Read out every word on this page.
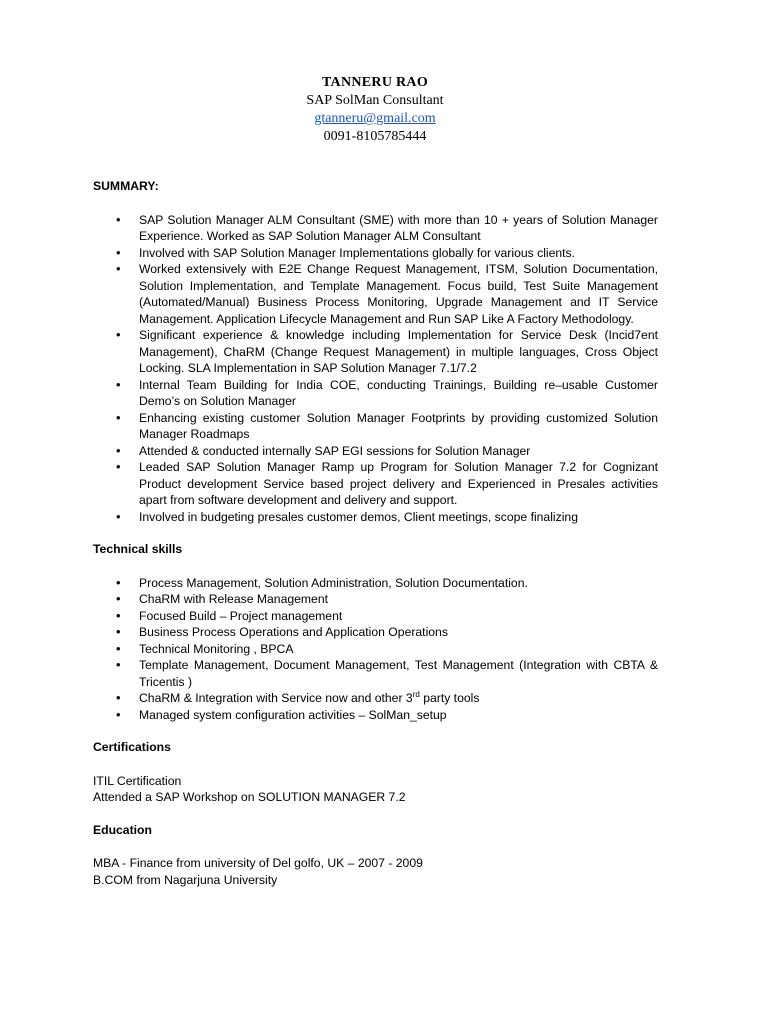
TANNERU RAO
SAP SolMan Consultant
gtanneru@gmail.com
0091-8105785444
SUMMARY:
• SAP Solution Manager ALM Consultant (SME) with more than 10 + years of Solution Manager Experience. Worked as SAP Solution Manager ALM Consultant
• Involved with SAP Solution Manager Implementations globally for various clients.
• Worked extensively with E2E Change Request Management, ITSM, Solution Documentation, Solution Implementation, and Template Management. Focus build, Test Suite Management (Automated/Manual) Business Process Monitoring, Upgrade Management and IT Service Management. Application Lifecycle Management and Run SAP Like A Factory Methodology.
• Significant experience & knowledge including Implementation for Service Desk (Incid7ent Management), ChaRM (Change Request Management) in multiple languages, Cross Object Locking. SLA Implementation in SAP Solution Manager 7.1/7.2
• Internal Team Building for India COE, conducting Trainings, Building re–usable Customer Demo’s on Solution Manager
• Enhancing existing customer Solution Manager Footprints by providing customized Solution Manager Roadmaps
• Attended & conducted internally SAP EGI sessions for Solution Manager
• Leaded SAP Solution Manager Ramp up Program for Solution Manager 7.2 for Cognizant Product development Service based project delivery and Experienced in Presales activities apart from software development and delivery and support.
• Involved in budgeting presales customer demos, Client meetings, scope finalizing
Technical skills
• Process Management, Solution Administration, Solution Documentation.
• ChaRM with Release Management
• Focused Build – Project management
• Business Process Operations and Application Operations
• Technical Monitoring , BPCA
• Template Management, Document Management, Test Management (Integration with CBTA & Tricentis )
• ChaRM & Integration with Service now and other 3rd party tools
• Managed system configuration activities – SolMan_setup
Certifications
ITIL Certification
Attended a SAP Workshop on SOLUTION MANAGER 7.2
Education
MBA - Finance from university of Del golfo, UK – 2007 - 2009
B.COM from Nagarjuna University
